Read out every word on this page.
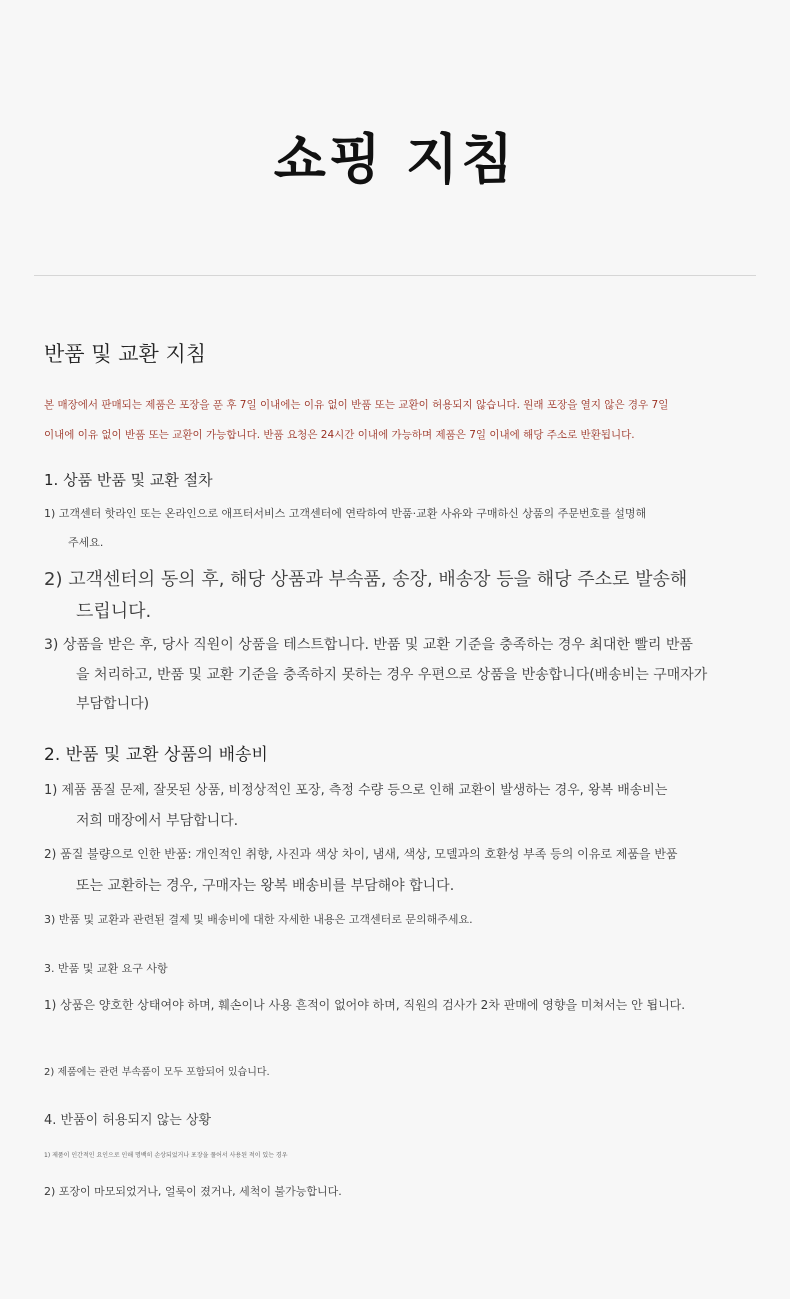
쇼핑 지침
반품 및 교환 지침
본 매장에서 판매되는 제품은 포장을 푼 후 7일 이내에는 이유 없이 반품 또는 교환이 허용되지 않습니다. 원래 포장을 열지 않은 경우 7일
이내에 이유 없이 반품 또는 교환이 가능합니다. 반품 요청은 24시간 이내에 가능하며 제품은 7일 이내에 해당 주소로 반환됩니다.
1. 상품 반품 및 교환 절차
1) 고객센터 핫라인 또는 온라인으로 애프터서비스 고객센터에 연락하여 반품·교환 사유와 구매하신 상품의 주문번호를 설명해
주세요.
2) 고객센터의 동의 후, 해당 상품과 부속품, 송장, 배송장 등을 해당 주소로 발송해
드립니다.
3) 상품을 받은 후, 당사 직원이 상품을 테스트합니다. 반품 및 교환 기준을 충족하는 경우 최대한 빨리 반품
을 처리하고, 반품 및 교환 기준을 충족하지 못하는 경우 우편으로 상품을 반송합니다(배송비는 구매자가
부담합니다)
2. 반품 및 교환 상품의 배송비
1) 제품 품질 문제, 잘못된 상품, 비정상적인 포장, 측정 수량 등으로 인해 교환이 발생하는 경우, 왕복 배송비는
저희 매장에서 부담합니다.
2) 품질 불량으로 인한 반품: 개인적인 취향, 사진과 색상 차이, 냄새, 색상, 모델과의 호환성 부족 등의 이유로 제품을 반품
또는 교환하는 경우, 구매자는 왕복 배송비를 부담해야 합니다.
3) 반품 및 교환과 관련된 결제 및 배송비에 대한 자세한 내용은 고객센터로 문의해주세요.
3. 반품 및 교환 요구 사항
1) 상품은 양호한 상태여야 하며, 훼손이나 사용 흔적이 없어야 하며, 직원의 검사가 2차 판매에 영향을 미쳐서는 안 됩니다.
2) 제품에는 관련 부속품이 모두 포함되어 있습니다.
4. 반품이 허용되지 않는 상황
1) 제품이 인간적인 요인으로 인해 명백히 손상되었거나 포장을 풀어서 사용된 적이 있는 경우
2) 포장이 마모되었거나, 얼룩이 졌거나, 세척이 불가능합니다.
